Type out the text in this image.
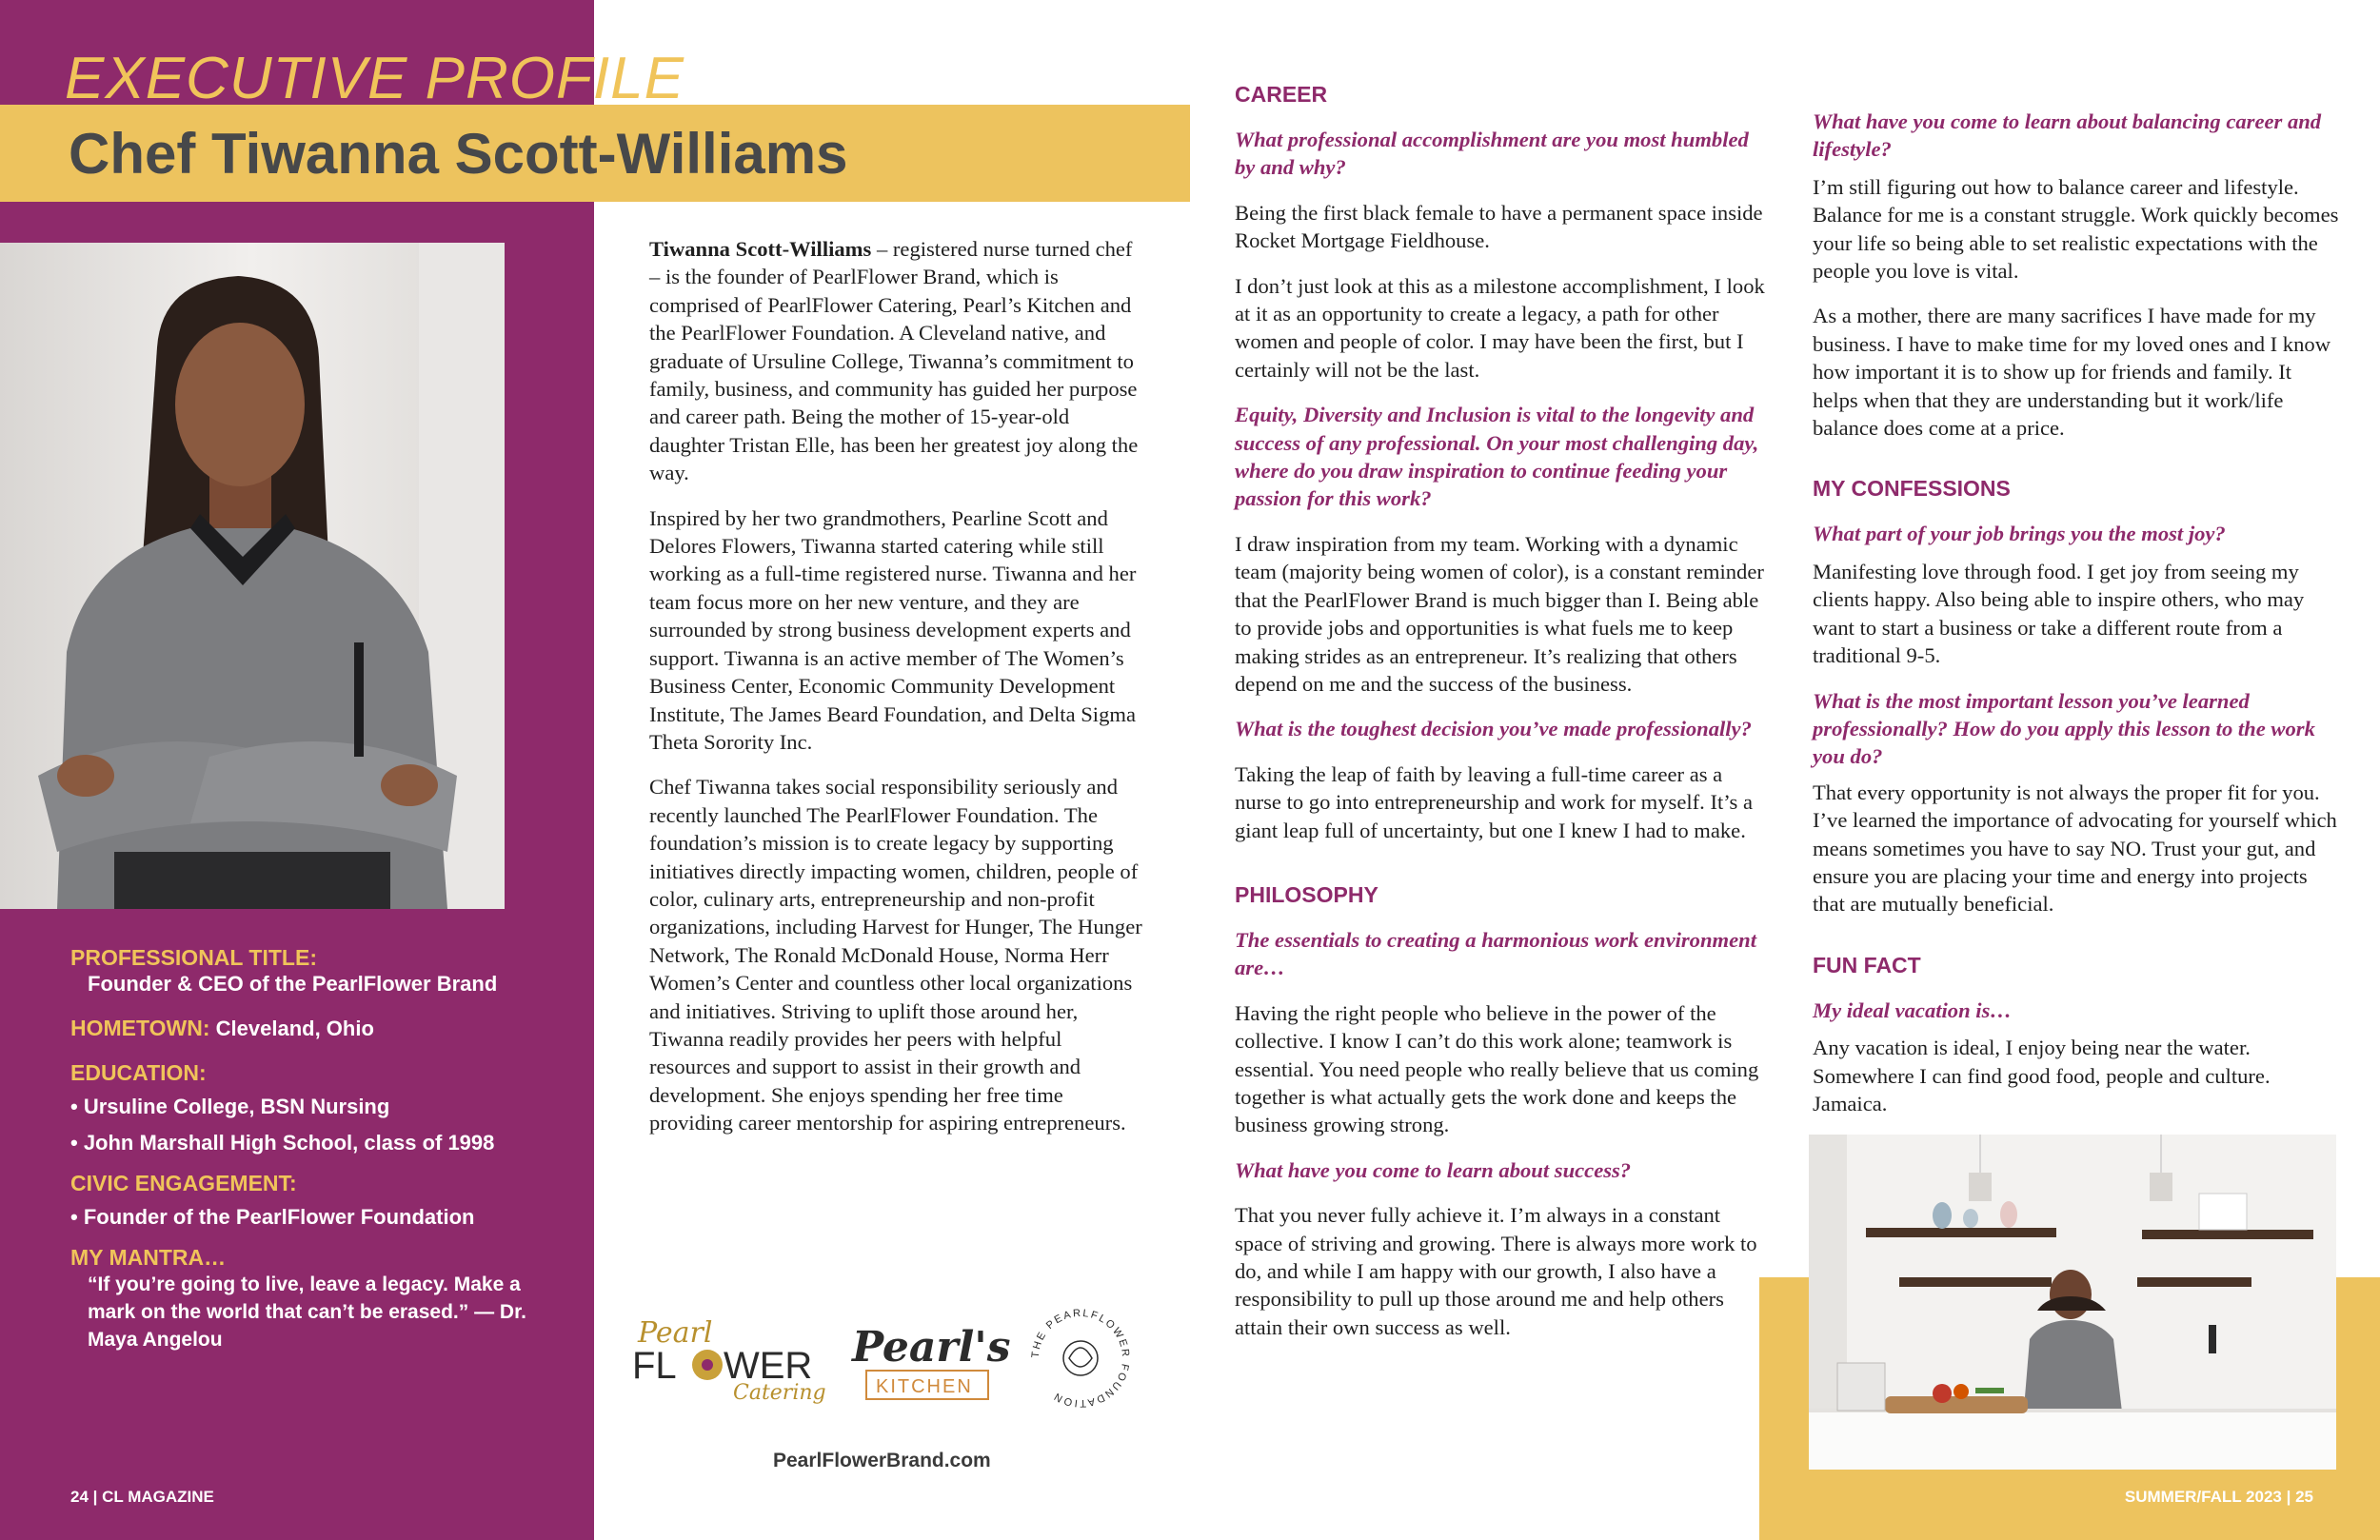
EXECUTIVE PROFILE
Chef Tiwanna Scott-Williams

PROFESSIONAL TITLE:

Founder & CEO of the PearlFlower Brand

HOMETOWN: Cleveland, Ohio

EDUCATION:

• Ursuline College, BSN Nursing

• John Marshall High School, class of 1998

CIVIC ENGAGEMENT:

• Founder of the PearlFlower Foundation

MY MANTRA…

“If you’re going to live, leave a legacy. Make a mark on the world that can’t be erased.” — Dr. Maya Angelou

24 | CL MAGAZINE

Tiwanna Scott-Williams – registered nurse turned chef – is the founder of PearlFlower Brand, which is comprised of PearlFlower Catering, Pearl’s Kitchen and the PearlFlower Foundation. A Cleveland native, and graduate of Ursuline College, Tiwanna’s commitment to family, business, and community has guided her purpose and career path. Being the mother of 15-year-old daughter Tristan Elle, has been her greatest joy along the way.

Inspired by her two grandmothers, Pearline Scott and Delores Flowers, Tiwanna started catering while still working as a full-time registered nurse. Tiwanna and her team focus more on her new venture, and they are surrounded by strong business development experts and support. Tiwanna is an active member of The Women’s Business Center, Economic Community Development Institute, The James Beard Foundation, and Delta Sigma Theta Sorority Inc.

Chef Tiwanna takes social responsibility seriously and recently launched The PearlFlower Foundation. The foundation’s mission is to create legacy by supporting initiatives directly impacting women, children, people of color, culinary arts, entrepreneurship and non-profit organizations, including Harvest for Hunger, The Hunger Network, The Ronald McDonald House, Norma Herr Women’s Center and countless other local organizations and initiatives. Striving to uplift those around her, Tiwanna readily provides her peers with helpful resources and support to assist in their growth and development. She enjoys spending her free time providing career mentorship for aspiring entrepreneurs.

Pearl
FL WER
Catering
Pearl's
KITCHEN
THE PEARLFLOWER FOUNDATION
PearlFlowerBrand.com

CAREER

What professional accomplishment are you most humbled by and why?

Being the first black female to have a permanent space inside Rocket Mortgage Fieldhouse.

I don’t just look at this as a milestone accomplishment, I look at it as an opportunity to create a legacy, a path for other women and people of color. I may have been the first, but I certainly will not be the last.

Equity, Diversity and Inclusion is vital to the longevity and success of any professional. On your most challenging day, where do you draw inspiration to continue feeding your passion for this work?

I draw inspiration from my team. Working with a dynamic team (majority being women of color), is a constant reminder that the PearlFlower Brand is much bigger than I. Being able to provide jobs and opportunities is what fuels me to keep making strides as an entrepreneur. It’s realizing that others depend on me and the success of the business.

What is the toughest decision you’ve made professionally?

Taking the leap of faith by leaving a full-time career as a nurse to go into entrepreneurship and work for myself. It’s a giant leap full of uncertainty, but one I knew I had to make.

PHILOSOPHY

The essentials to creating a harmonious work environment are…

Having the right people who believe in the power of the collective. I know I can’t do this work alone; teamwork is essential. You need people who really believe that us coming together is what actually gets the work done and keeps the business growing strong.

What have you come to learn about success?

That you never fully achieve it. I’m always in a constant space of striving and growing. There is always more work to do, and while I am happy with our growth, I also have a responsibility to pull up those around me and help others attain their own success as well.

What have you come to learn about balancing career and lifestyle?

I’m still figuring out how to balance career and lifestyle. Balance for me is a constant struggle. Work quickly becomes your life so being able to set realistic expectations with the people you love is vital.

As a mother, there are many sacrifices I have made for my business. I have to make time for my loved ones and I know how important it is to show up for friends and family. It helps when that they are understanding but it work/life balance does come at a price.

MY CONFESSIONS

What part of your job brings you the most joy?

Manifesting love through food. I get joy from seeing my clients happy. Also being able to inspire others, who may want to start a business or take a different route from a traditional 9-5.

What is the most important lesson you’ve learned professionally? How do you apply this lesson to the work you do?

That every opportunity is not always the proper fit for you. I’ve learned the importance of advocating for yourself which means sometimes you have to say NO. Trust your gut, and ensure you are placing your time and energy into projects that are mutually beneficial.

FUN FACT

My ideal vacation is…

Any vacation is ideal, I enjoy being near the water. Somewhere I can find good food, people and culture. Jamaica.

SUMMER/FALL 2023 | 25
